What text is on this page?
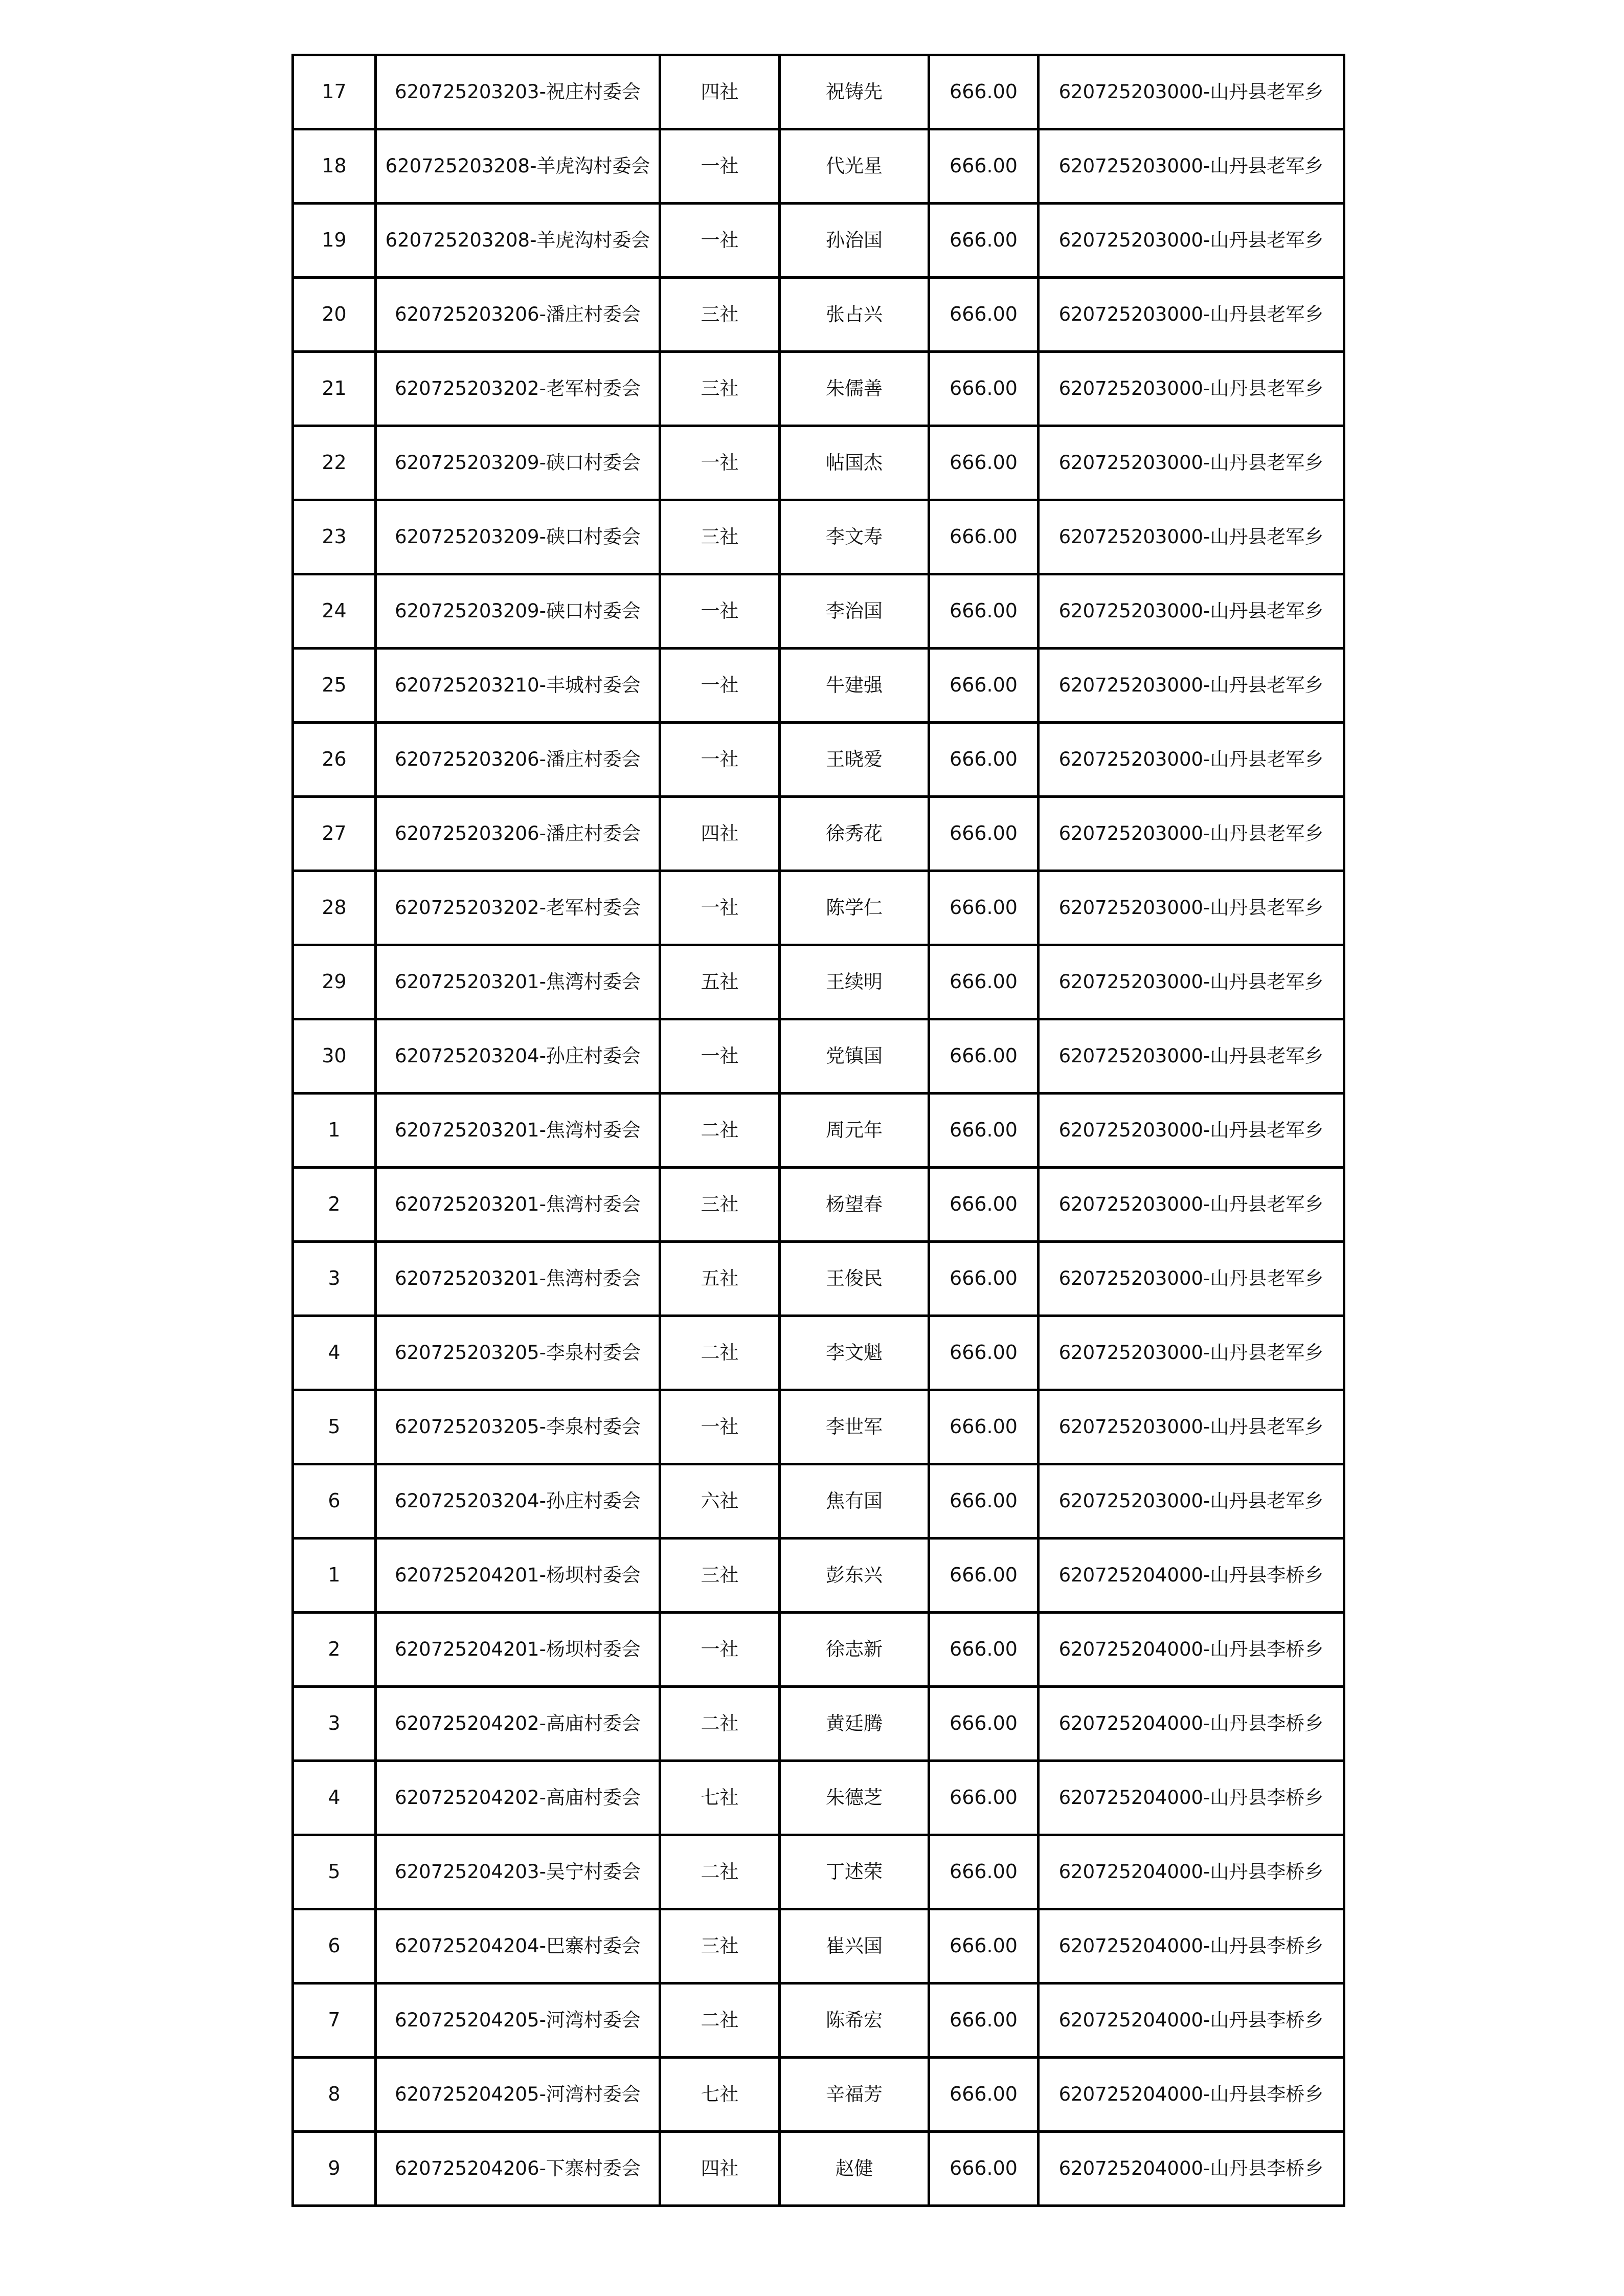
17	620725203203-祝庄村委会	四社	祝铸先	666.00	620725203000-山丹县老军乡
18	620725203208-羊虎沟村委会	一社	代光星	666.00	620725203000-山丹县老军乡
19	620725203208-羊虎沟村委会	一社	孙治国	666.00	620725203000-山丹县老军乡
20	620725203206-潘庄村委会	三社	张占兴	666.00	620725203000-山丹县老军乡
21	620725203202-老军村委会	三社	朱儒善	666.00	620725203000-山丹县老军乡
22	620725203209-硖口村委会	一社	帖国杰	666.00	620725203000-山丹县老军乡
23	620725203209-硖口村委会	三社	李文寿	666.00	620725203000-山丹县老军乡
24	620725203209-硖口村委会	一社	李治国	666.00	620725203000-山丹县老军乡
25	620725203210-丰城村委会	一社	牛建强	666.00	620725203000-山丹县老军乡
26	620725203206-潘庄村委会	一社	王晓爱	666.00	620725203000-山丹县老军乡
27	620725203206-潘庄村委会	四社	徐秀花	666.00	620725203000-山丹县老军乡
28	620725203202-老军村委会	一社	陈学仁	666.00	620725203000-山丹县老军乡
29	620725203201-焦湾村委会	五社	王续明	666.00	620725203000-山丹县老军乡
30	620725203204-孙庄村委会	一社	党镇国	666.00	620725203000-山丹县老军乡
1	620725203201-焦湾村委会	二社	周元年	666.00	620725203000-山丹县老军乡
2	620725203201-焦湾村委会	三社	杨望春	666.00	620725203000-山丹县老军乡
3	620725203201-焦湾村委会	五社	王俊民	666.00	620725203000-山丹县老军乡
4	620725203205-李泉村委会	二社	李文魁	666.00	620725203000-山丹县老军乡
5	620725203205-李泉村委会	一社	李世军	666.00	620725203000-山丹县老军乡
6	620725203204-孙庄村委会	六社	焦有国	666.00	620725203000-山丹县老军乡
1	620725204201-杨坝村委会	三社	彭东兴	666.00	620725204000-山丹县李桥乡
2	620725204201-杨坝村委会	一社	徐志新	666.00	620725204000-山丹县李桥乡
3	620725204202-高庙村委会	二社	黄廷腾	666.00	620725204000-山丹县李桥乡
4	620725204202-高庙村委会	七社	朱德芝	666.00	620725204000-山丹县李桥乡
5	620725204203-吴宁村委会	二社	丁述荣	666.00	620725204000-山丹县李桥乡
6	620725204204-巴寨村委会	三社	崔兴国	666.00	620725204000-山丹县李桥乡
7	620725204205-河湾村委会	二社	陈希宏	666.00	620725204000-山丹县李桥乡
8	620725204205-河湾村委会	七社	辛福芳	666.00	620725204000-山丹县李桥乡
9	620725204206-下寨村委会	四社	赵健	666.00	620725204000-山丹县李桥乡
